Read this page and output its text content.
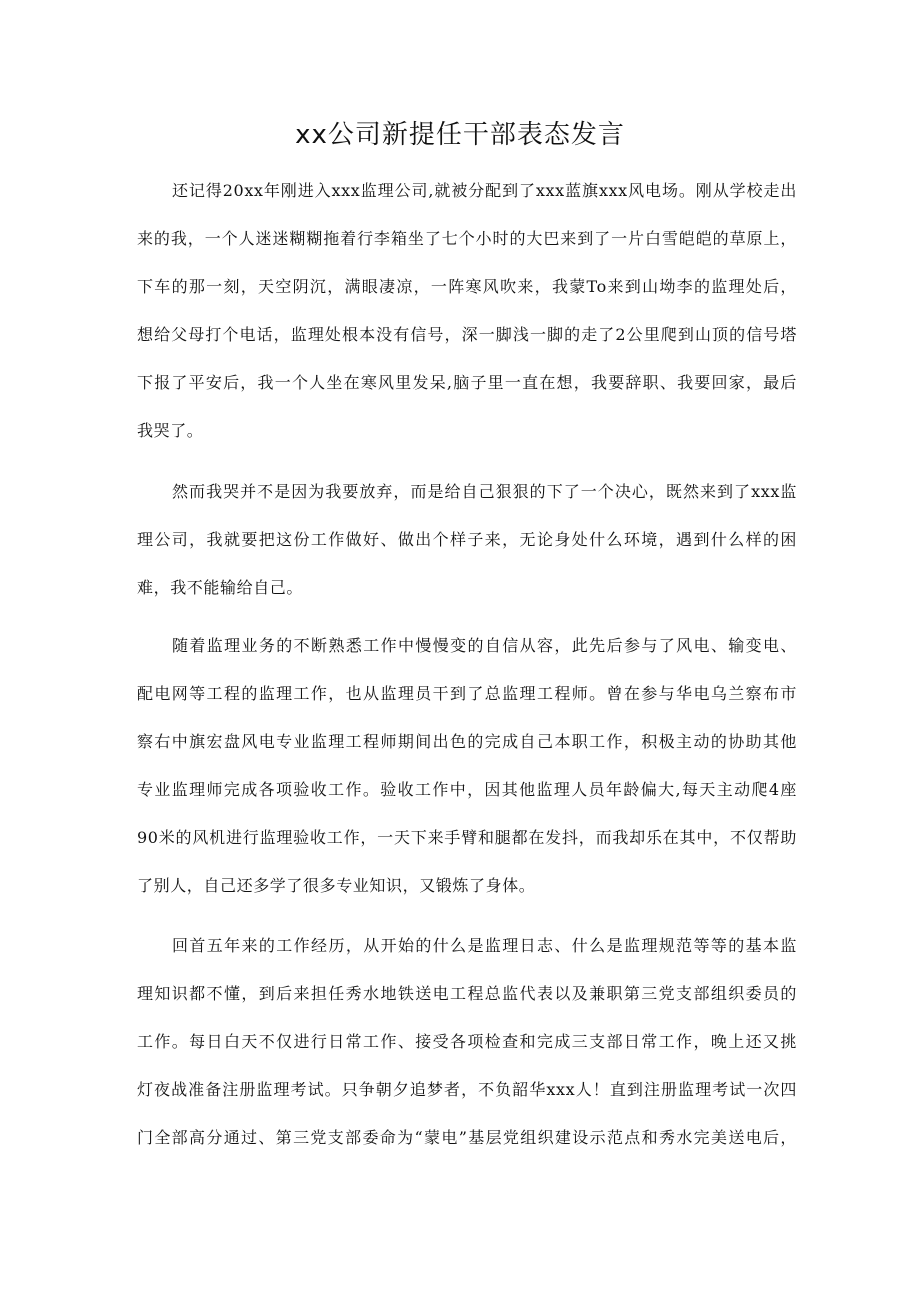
xx公司新提任干部表态发言
还记得20xx年刚进入xxx监理公司,就被分配到了xxx蓝旗xxx风电场。刚从学校走出
来的我，一个人迷迷糊糊拖着行李箱坐了七个小时的大巴来到了一片白雪皑皑的草原上，
下车的那一刻，天空阴沉，满眼凄凉，一阵寒风吹来，我蒙To来到山坳李的监理处后，
想给父母打个电话，监理处根本没有信号，深一脚浅一脚的走了2公里爬到山顶的信号塔
下报了平安后，我一个人坐在寒风里发呆,脑子里一直在想，我要辞职、我要回家，最后
我哭了。
然而我哭并不是因为我要放弃，而是给自己狠狠的下了一个决心，既然来到了xxx监
理公司，我就要把这份工作做好、做出个样子来，无论身处什么环境，遇到什么样的困
难，我不能输给自己。
随着监理业务的不断熟悉工作中慢慢变的自信从容，此先后参与了风电、输变电、
配电网等工程的监理工作，也从监理员干到了总监理工程师。曾在参与华电乌兰察布市
察右中旗宏盘风电专业监理工程师期间出色的完成自己本职工作，积极主动的协助其他
专业监理师完成各项验收工作。验收工作中，因其他监理人员年龄偏大,每天主动爬4座
90米的风机进行监理验收工作，一天下来手臂和腿都在发抖，而我却乐在其中，不仅帮助
了别人，自己还多学了很多专业知识，又锻炼了身体。
回首五年来的工作经历，从开始的什么是监理日志、什么是监理规范等等的基本监
理知识都不懂，到后来担任秀水地铁送电工程总监代表以及兼职第三党支部组织委员的
工作。每日白天不仅进行日常工作、接受各项检查和完成三支部日常工作，晚上还又挑
灯夜战准备注册监理考试。只争朝夕追梦者，不负韶华xxx人！直到注册监理考试一次四
门全部高分通过、第三党支部委命为“蒙电”基层党组织建设示范点和秀水完美送电后，
